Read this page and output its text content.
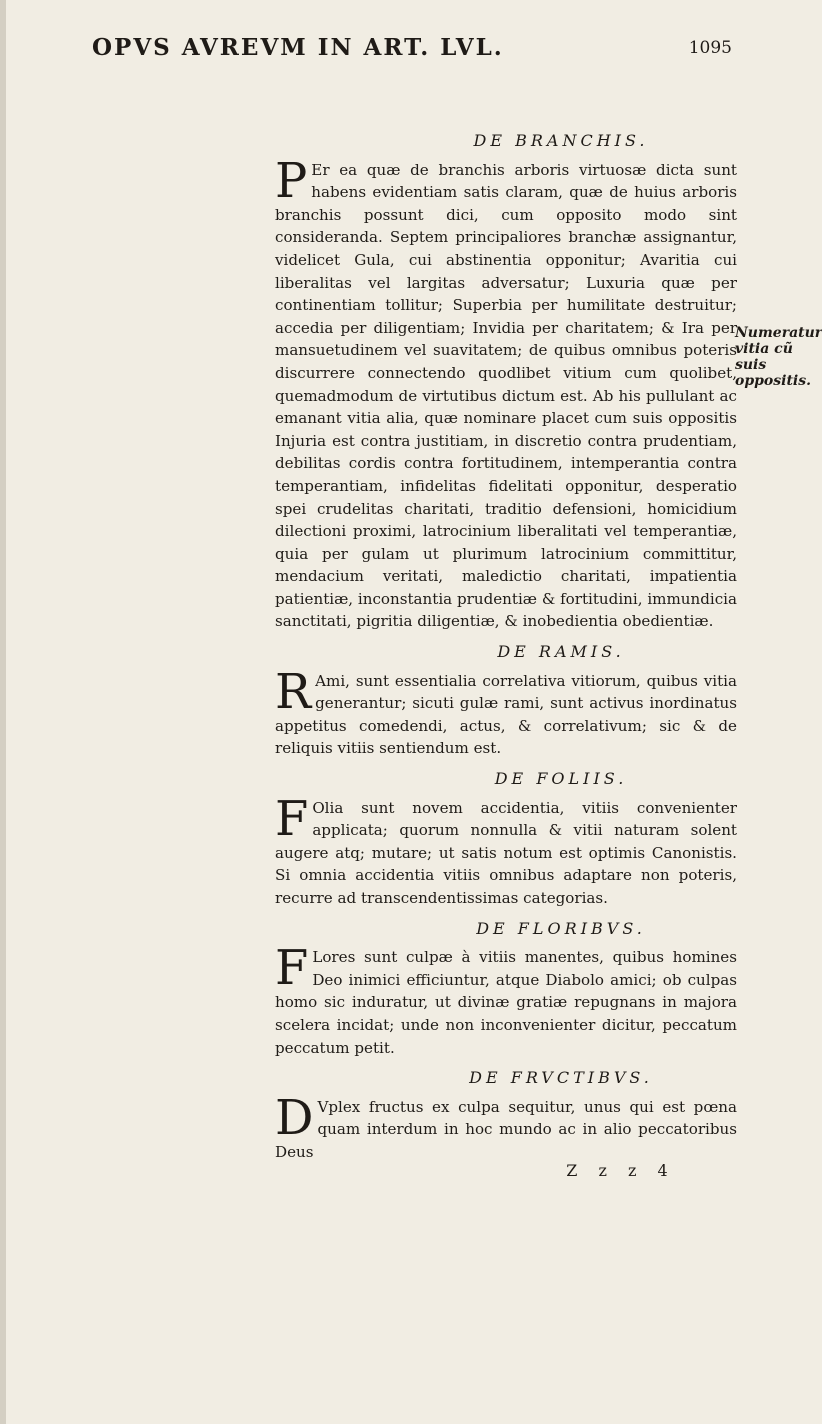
OPVS AVREVM IN ART. LVL.	1095
DE BRANCHIS.

P Er ea quæ de branchis arboris virtuosæ dicta sunt habens evidentiam satis claram, quæ de huius arboris branchis possunt dici, cum opposito modo sint consideranda. Septem principaliores branchæ assignantur, videlicet Gula, cui abstinentia opponitur; Avaritia cui liberalitas vel largitas adversatur; Luxuria quæ per continentiam tollitur; Superbia per humilitate destruitur; accedia per diligentiam; Invidia per charitatem; & Ira per mansuetudinem vel suavitatem; de quibus omnibus poteris discurrere connectendo quodlibet vitium cum quolibet, quemadmodum de virtutibus dictum est. Ab his pullulant ac emanant vitia alia, quæ nominare placet cum suis oppositis Injuria est contra justitiam, in discretio contra prudentiam, debilitas cordis contra fortitudinem, intemperantia contra temperantiam, infidelitas fidelitati opponitur, desperatio spei crudelitas charitati, traditio defensioni, homicidium dilectioni proximi, latrocinium liberalitati vel temperantiæ, quia per gulam ut plurimum latrocinium committitur, mendacium veritati, maledictio charitati, impatientia patientiæ, inconstantia prudentiæ & fortitudini, immundicia sanctitati, pigritia diligentiæ, & inobedientia obedientiæ.

DE RAMIS.

R Ami, sunt essentialia correlativa vitiorum, quibus vitia generantur; sicuti gulæ rami, sunt activus inordinatus appetitus comedendi, actus, & correlativum; sic & de reliquis vitiis sentiendum est.

DE FOLIIS.

F Olia sunt novem accidentia, vitiis convenienter applicata; quorum nonnulla & vitii naturam solent augere atq; mutare; ut satis notum est optimis Canonistis. Si omnia accidentia vitiis omnibus adaptare non poteris, recurre ad transcendentissimas categorias.

DE FLORIBVS.

F Lores sunt culpæ à vitiis manentes, quibus homines Deo inimici efficiuntur, atque Diabolo amici; ob culpas homo sic induratur, ut divinæ gratiæ repugnans in majora scelera incidat; unde non inconvenienter dicitur, peccatum peccatum petit.

DE FRVCTIBVS.

D Vplex fructus ex culpa sequitur, unus qui est pœna quam interdum in hoc mundo ac in alio peccatoribus Deus

Z z z 4
Numeratur vitia cũ suis oppositis.
